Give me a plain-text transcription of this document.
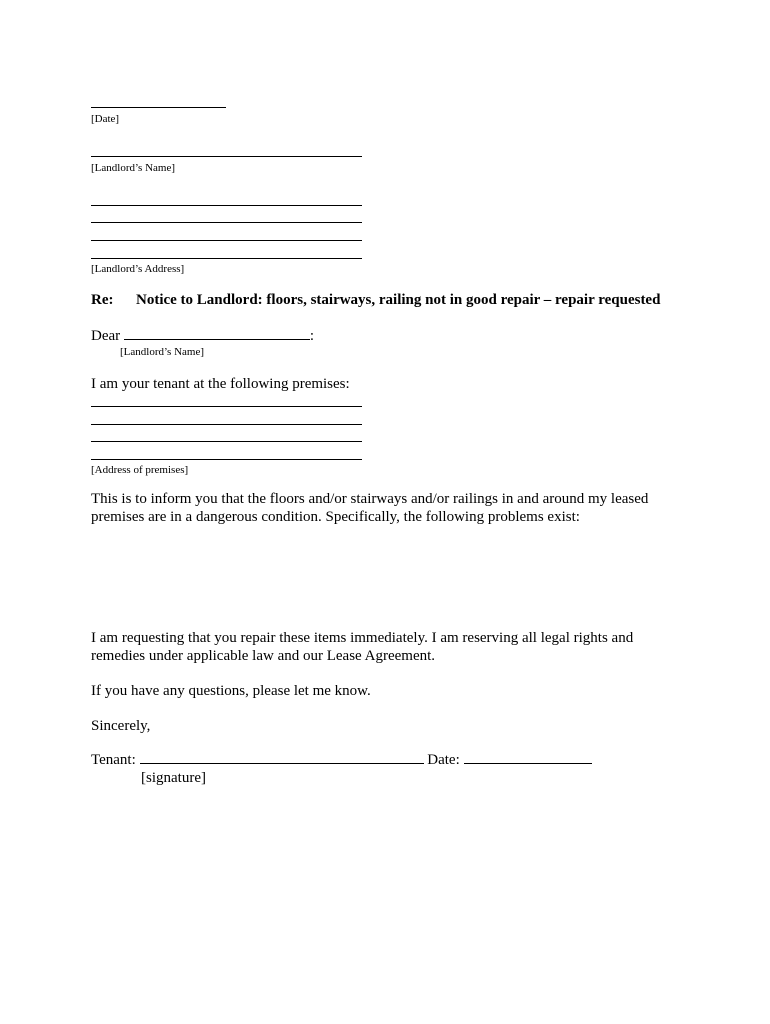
[Date]
[Landlord’s Name]
[Landlord’s Address]
Re: Notice to Landlord: floors, stairways, railing not in good repair – repair requested
Dear	:
[Landlord’s Name]
I am your tenant at the following premises:
[Address of premises]
This is to inform you that the floors and/or stairways and/or railings in and around my leased
premises are in a dangerous condition. Specifically, the following problems exist:
I am requesting that you repair these items immediately. I am reserving all legal rights and
remedies under applicable law and our Lease Agreement.
If you have any questions, please let me know.
Sincerely,
Tenant:	Date:
[signature]
